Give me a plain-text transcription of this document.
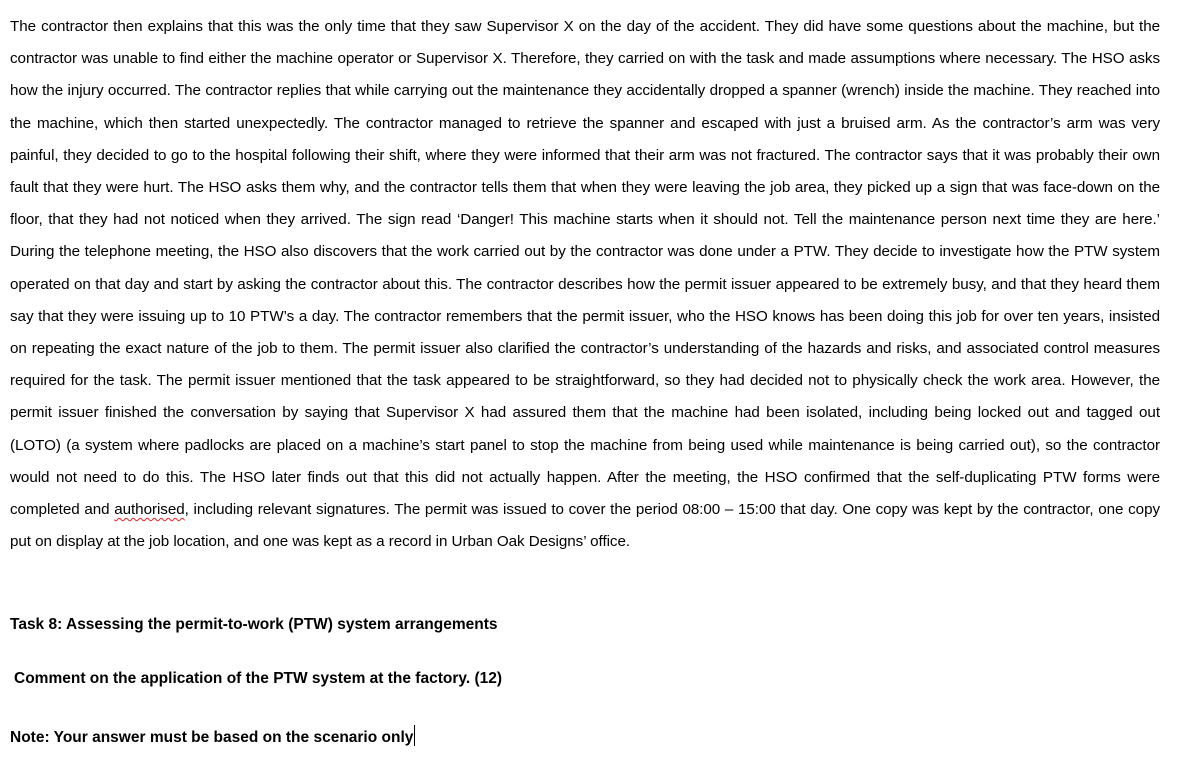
The contractor then explains that this was the only time that they saw Supervisor X on the day of the accident. They did have some questions about the machine, but the contractor was unable to find either the machine operator or Supervisor X. Therefore, they carried on with the task and made assumptions where necessary. The HSO asks how the injury occurred. The contractor replies that while carrying out the maintenance they accidentally dropped a spanner (wrench) inside the machine. They reached into the machine, which then started unexpectedly. The contractor managed to retrieve the spanner and escaped with just a bruised arm. As the contractor’s arm was very painful, they decided to go to the hospital following their shift, where they were informed that their arm was not fractured. The contractor says that it was probably their own fault that they were hurt. The HSO asks them why, and the contractor tells them that when they were leaving the job area, they picked up a sign that was face-down on the floor, that they had not noticed when they arrived. The sign read ‘Danger! This machine starts when it should not. Tell the maintenance person next time they are here.’ During the telephone meeting, the HSO also discovers that the work carried out by the contractor was done under a PTW. They decide to investigate how the PTW system operated on that day and start by asking the contractor about this. The contractor describes how the permit issuer appeared to be extremely busy, and that they heard them say that they were issuing up to 10 PTW’s a day. The contractor remembers that the permit issuer, who the HSO knows has been doing this job for over ten years, insisted on repeating the exact nature of the job to them. The permit issuer also clarified the contractor’s understanding of the hazards and risks, and associated control measures required for the task. The permit issuer mentioned that the task appeared to be straightforward, so they had decided not to physically check the work area. However, the permit issuer finished the conversation by saying that Supervisor X had assured them that the machine had been isolated, including being locked out and tagged out (LOTO) (a system where padlocks are placed on a machine’s start panel to stop the machine from being used while maintenance is being carried out), so the contractor would not need to do this. The HSO later finds out that this did not actually happen. After the meeting, the HSO confirmed that the self-duplicating PTW forms were completed and authorised, including relevant signatures. The permit was issued to cover the period 08:00 – 15:00 that day. One copy was kept by the contractor, one copy put on display at the job location, and one was kept as a record in Urban Oak Designs’ office.

Task 8: Assessing the permit-to-work (PTW) system arrangements

Comment on the application of the PTW system at the factory. (12)

Note: Your answer must be based on the scenario only
